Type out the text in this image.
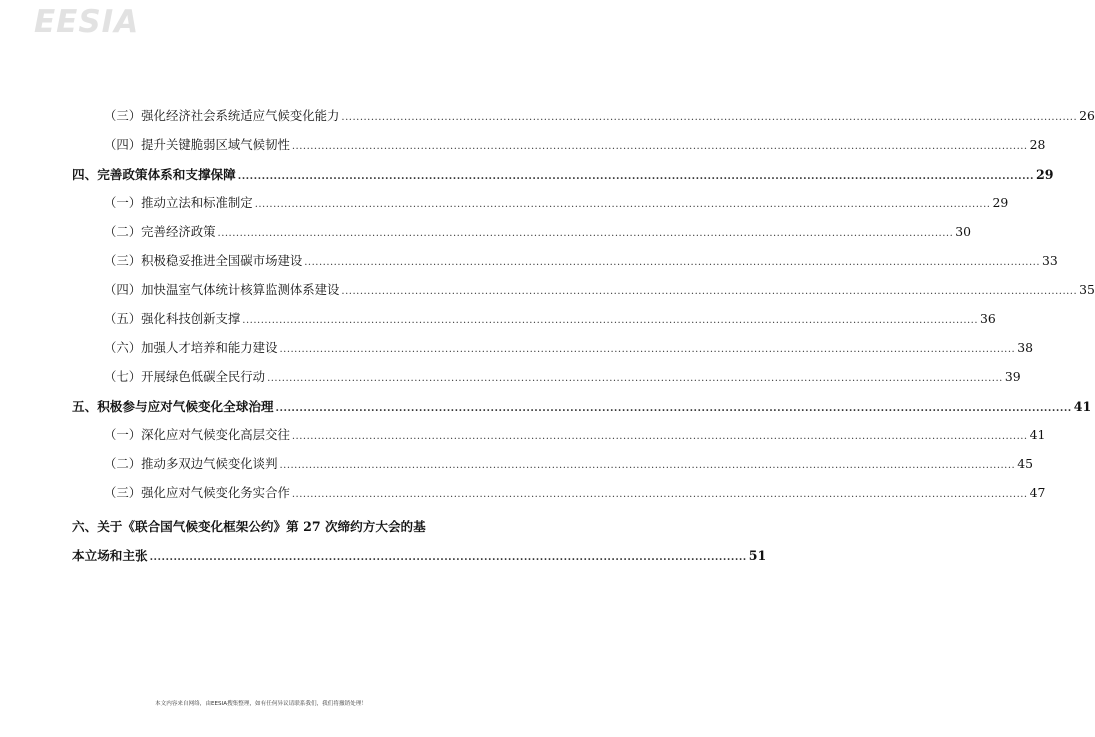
EESIA
（三）强化经济社会系统适应气候变化能力 ........................................................................................................................................................................................................ 26
（四）提升关键脆弱区域气候韧性 ........................................................................................................................................................................................................ 28
四、完善政策体系和支撑保障 ........................................................................................................................................................................................................ 29
（一）推动立法和标准制定 ........................................................................................................................................................................................................ 29
（二）完善经济政策 ........................................................................................................................................................................................................ 30
（三）积极稳妥推进全国碳市场建设 ........................................................................................................................................................................................................ 33
（四）加快温室气体统计核算监测体系建设 ........................................................................................................................................................................................................ 35
（五）强化科技创新支撑 ........................................................................................................................................................................................................ 36
（六）加强人才培养和能力建设 ........................................................................................................................................................................................................ 38
（七）开展绿色低碳全民行动 ........................................................................................................................................................................................................ 39
五、积极参与应对气候变化全球治理 ........................................................................................................................................................................................................ 41
（一）深化应对气候变化高层交往 ........................................................................................................................................................................................................ 41
（二）推动多双边气候变化谈判 ........................................................................................................................................................................................................ 45
（三）强化应对气候变化务实合作 ........................................................................................................................................................................................................ 47
六、关于《联合国气候变化框架公约》第 27 次缔约方大会的基
本立场和主张 ...................................................................................................................................................... 51
本文内容来自网络，由EESIA搜集整理，如有任何异议请联系我们，我们将撤销处理！
